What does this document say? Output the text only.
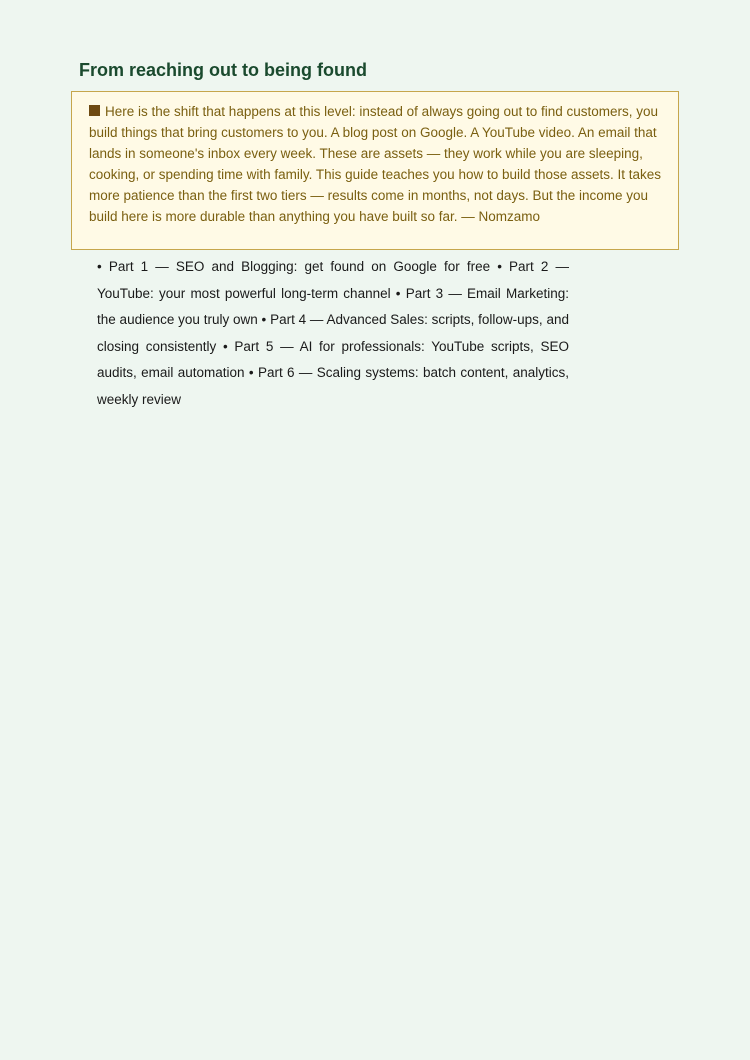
From reaching out to being found

Here is the shift that happens at this level: instead of always going out to find customers, you build things that bring customers to you. A blog post on Google. A YouTube video. An email that lands in someone's inbox every week. These are assets — they work while you are sleeping, cooking, or spending time with family. This guide teaches you how to build those assets. It takes more patience than the first two tiers — results come in months, not days. But the income you build here is more durable than anything you have built so far. — Nomzamo

• Part 1 — SEO and Blogging: get found on Google for free • Part 2 — YouTube: your most powerful long-term channel • Part 3 — Email Marketing: the audience you truly own • Part 4 — Advanced Sales: scripts, follow-ups, and closing consistently • Part 5 — AI for professionals: YouTube scripts, SEO audits, email automation • Part 6 — Scaling systems: batch content, analytics, weekly review
